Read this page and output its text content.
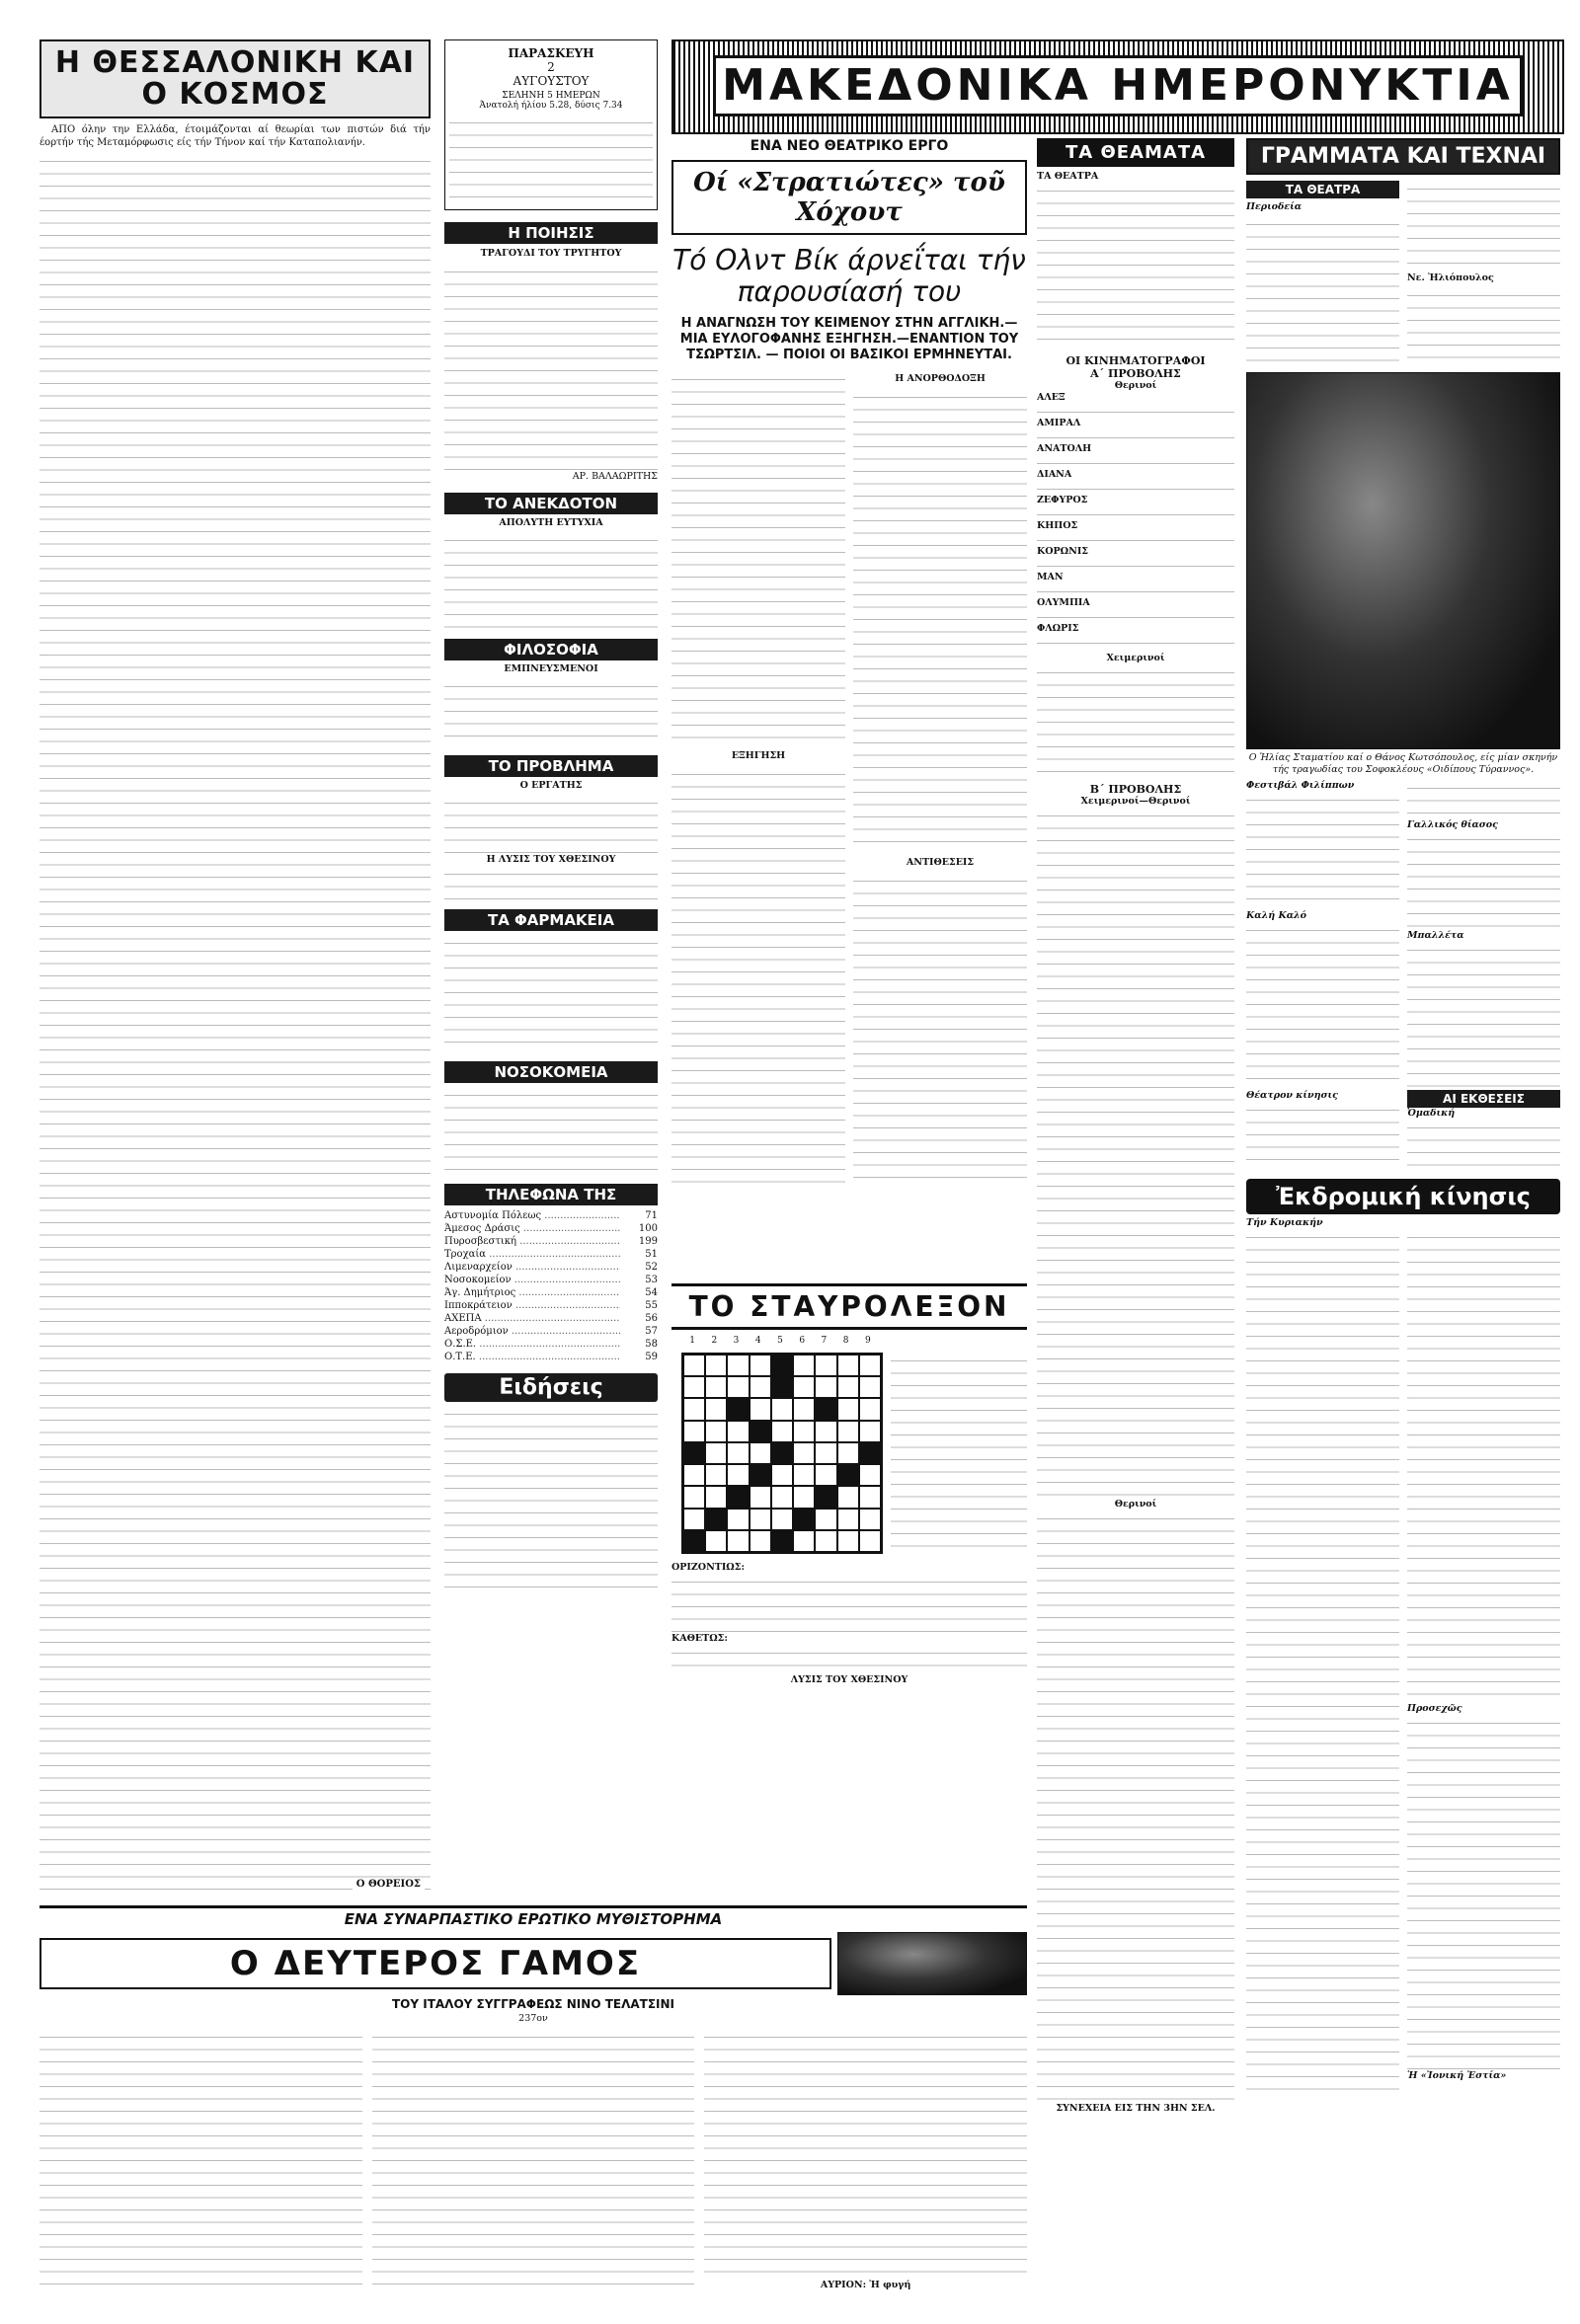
Η ΘΕΣΣΑΛΟΝΙΚΗ ΚΑΙ Ο ΚΟΣΜΟΣ

ΑΠΟ όλην την Ελλάδα, έτοιμάζονται αί θεωρίαι των πιστών διά τήν έορτήν τής Μεταμόρφωσις είς τήν Τήνον καί τήν Καταπολιανήν.

Ο ΘΟΡΕΙΟΣ
ΠΑΡΑΣΚΕΥΗ
2
ΑΥΓΟΥΣΤΟΥ
ΣΕΛΗΝΗ 5 ΗΜΕΡΩΝ
Άνατολή ήλίου 5.28, δύσις 7.34
Η ΠΟΙΗΣΙΣ
ΤΡΑΓΟΥΔΙ ΤΟΥ ΤΡΥΓΗΤΟΥ
ΑΡ. ΒΑΛΑΩΡΙΤΗΣ
ΤΟ ΑΝΕΚΔΟΤΟΝ
ΑΠΟΛΥΤΗ ΕΥΤΥΧΙΑ
ΦΙΛΟΣΟΦΙΑ
ΕΜΠΝΕΥΣΜΕΝΟΙ
ΤΟ ΠΡΟΒΛΗΜΑ
Ο ΕΡΓΑΤΗΣ
Η ΛΥΣΙΣ ΤΟΥ ΧΘΕΣΙΝΟΥ
ΤΑ ΦΑΡΜΑΚΕΙΑ
ΝΟΣΟΚΟΜΕΙΑ
ΤΗΛΕΦΩΝΑ ΤΗΣ
Αστυνομία Πόλεως .....	71
Άμεσος Δράσις .....	100
Πυροσβεστική .....	199
Τροχαία .....	51
Λιμεναρχείον .....	52
Νοσοκομείον .....	53
Άγ. Δημήτριος .....	54
Ιπποκράτειον .....	55
ΑΧΕΠΑ .....	56
Αεροδρόμιον .....	57
Ο.Σ.Ε. .....	58
Ο.Τ.Ε. .....	59
Ειδήσεις
ΜΑΚΕΔΟΝΙΚΑ ΗΜΕΡΟΝΥΚΤΙΑ
ΕΝΑ ΝΕΟ ΘΕΑΤΡΙΚΟ ΕΡΓΟ
Οί «Στρατιώτες» τοῦ Χόχουτ
Τό Ολντ Βίκ άρνεΐται τήν παρουσίασή του
Η ΑΝΑΓΝΩΣΗ ΤΟΥ ΚΕΙΜΕΝΟΥ ΣΤΗΝ ΑΓΓΛΙΚΗ.— ΜΙΑ ΕΥΛΟΓΟΦΑΝΗΣ ΕΞΗΓΗΣΗ.—ΕΝΑΝΤΙΟΝ ΤΟΥ ΤΣΩΡΤΣΙΛ. — ΠΟΙΟΙ ΟΙ ΒΑΣΙΚΟΙ ΕΡΜΗΝΕΥΤΑΙ.
ΕΞΗΓΗΣΗ
Η ΑΝΟΡΘΟΔΟΞΗ
ΑΝΤΙΘΕΣΕΙΣ
ΤΟ ΣΤΑΥΡΟΛΕΞΟΝ
1	2	3	4	5	6	7	8	9
ΟΡΙΖΟΝΤΙΩΣ:
ΚΑΘΕΤΩΣ:
ΛΥΣΙΣ ΤΟΥ ΧΘΕΣΙΝΟΥ
ΕΝΑ ΣΥΝΑΡΠΑΣΤΙΚΟ ΕΡΩΤΙΚΟ ΜΥΘΙΣΤΟΡΗΜΑ
Ο ΔΕΥΤΕΡΟΣ ΓΑΜΟΣ
ΤΟΥ ΙΤΑΛΟΥ ΣΥΓΓΡΑΦΕΩΣ ΝΙΝΟ ΤΕΛΑΤΣΙΝΙ
237ον
ΑΥΡΙΟΝ: Ἡ φυγή
ΤΑ ΘΕΑΜΑΤΑ
ΤΑ ΘΕΑΤΡΑ
ΟΙ ΚΙΝΗΜΑΤΟΓΡΑΦΟΙ
Α΄ ΠΡΟΒΟΛΗΣ
Θερινοί
ΑΛΕΞ
ΑΜΙΡΑΛ
ΑΝΑΤΟΛΗ
ΔΙΑΝΑ
ΖΕΦΥΡΟΣ
ΚΗΠΟΣ
ΚΟΡΩΝΙΣ
ΜΑΝ
ΟΛΥΜΠΙΑ
ΦΛΩΡΙΣ
Χειμερινοί
Β΄ ΠΡΟΒΟΛΗΣ
Χειμερινοί—Θερινοί
Θερινοί
ΣΥΝΕΧΕΙΑ ΕΙΣ ΤΗΝ 3ΗΝ ΣΕΛ.
ΓΡΑΜΜΑΤΑ ΚΑΙ ΤΕΧΝΑΙ
ΤΑ ΘΕΑΤΡΑ
Περιοδεία
Νε. Ἠλιόπουλος
Ο Ἡλίας Σταματίου καί ο Θάνος Κωτσόπουλος, είς μίαν σκηνήν τής τραγωδίας του Σοφοκλέους «Οιδίπους Τύραννος».
Φεστιβάλ Φιλίππων
Καλή Καλό
Θέατρον κίνησις
Γαλλικός θίασος
Μπαλλέτα
ΑΙ ΕΚΘΕΣΕΙΣ
Ὁμαδική
Ἐκδρομική κίνησις
Τήν Κυριακήν
Προσεχῶς
Ἡ «Ἰονική Ἑστία»
